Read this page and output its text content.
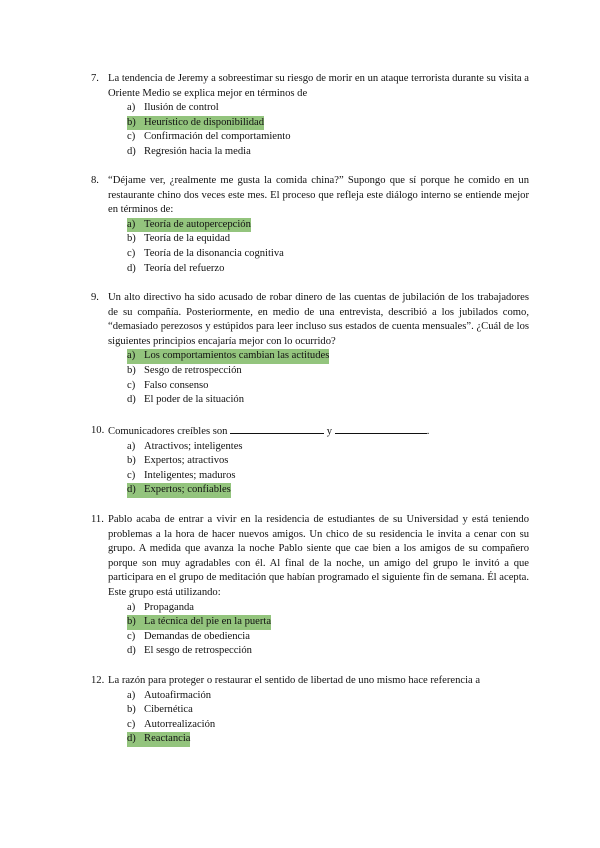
7. La tendencia de Jeremy a sobreestimar su riesgo de morir en un ataque terrorista durante su visita a Oriente Medio se explica mejor en términos de
a) Ilusión de control
b) Heurístico de disponibilidad
c) Confirmación del comportamiento
d) Regresión hacia la media
8. “Déjame ver, ¿realmente me gusta la comida china?” Supongo que sí porque he comido en un restaurante chino dos veces este mes. El proceso que refleja este diálogo interno se entiende mejor en términos de:
a) Teoría de autopercepción
b) Teoría de la equidad
c) Teoría de la disonancia cognitiva
d) Teoría del refuerzo
9. Un alto directivo ha sido acusado de robar dinero de las cuentas de jubilación de los trabajadores de su compañía. Posteriormente, en medio de una entrevista, describió a los jubilados como, “demasiado perezosos y estúpidos para leer incluso sus estados de cuenta mensuales”. ¿Cuál de los siguientes principios encajaría mejor con lo ocurrido?
a) Los comportamientos cambian las actitudes
b) Sesgo de retrospección
c) Falso consenso
d) El poder de la situación
10. Comunicadores creíbles son	y	.
a) Atractivos; inteligentes
b) Expertos; atractivos
c) Inteligentes; maduros
d) Expertos; confiables
11. Pablo acaba de entrar a vivir en la residencia de estudiantes de su Universidad y está teniendo problemas a la hora de hacer nuevos amigos. Un chico de su residencia le invita a cenar con su grupo. A medida que avanza la noche Pablo siente que cae bien a los amigos de su compañero porque son muy agradables con él. Al final de la noche, un amigo del grupo le invitó a que participara en el grupo de meditación que habían programado el siguiente fin de semana. Él acepta. Este grupo está utilizando:
a) Propaganda
b) La técnica del pie en la puerta
c) Demandas de obediencia
d) El sesgo de retrospección
12. La razón para proteger o restaurar el sentido de libertad de uno mismo hace referencia a
a) Autoafirmación
b) Cibernética
c) Autorrealización
d) Reactancia
